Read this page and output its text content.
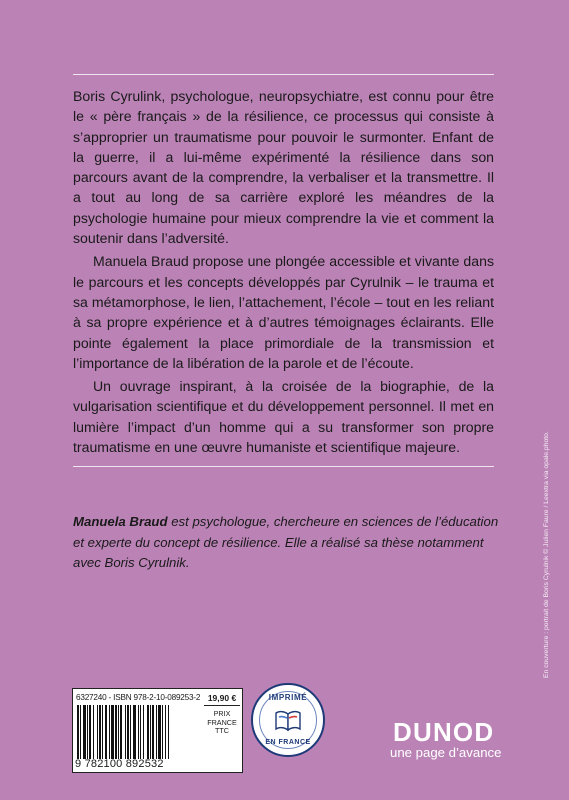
Boris Cyrulink, psychologue, neuropsychiatre, est connu pour être le « père français » de la résilience, ce processus qui consiste à s’approprier un traumatisme pour pouvoir le surmonter. Enfant de la guerre, il a lui-même expérimenté la résilience dans son parcours avant de la comprendre, la verbaliser et la transmettre. Il a tout au long de sa carrière exploré les méandres de la psychologie humaine pour mieux comprendre la vie et comment la soutenir dans l’adversité.

Manuela Braud propose une plongée accessible et vivante dans le parcours et les concepts développés par Cyrulnik – le trauma et sa métamorphose, le lien, l’attachement, l’école – tout en les reliant à sa propre expérience et à d’autres témoignages éclairants. Elle pointe également la place primordiale de la transmission et l’importance de la libération de la parole et de l’écoute.

Un ouvrage inspirant, à la croisée de la biographie, de la vulgarisation scientifique et du développement personnel. Il met en lumière l’impact d’un homme qui a su transformer son propre traumatisme en une œuvre humaniste et scientifique majeure.

Manuela Braud est psychologue, chercheure en sciences de l’éducation et experte du concept de résilience. Elle a réalisé sa thèse notamment avec Boris Cyrulnik.	En couverture : portrait de Boris Cyrulnik © Julien Faure / Leextra via opale.photo.
6327240 - ISBN 978-2-10-089253-2
9 782100 892532
19,90 €
PRIX
FRANCE
TTC
IMPRIMÉ
EN FRANCE	DUNOD
une page d’avance
